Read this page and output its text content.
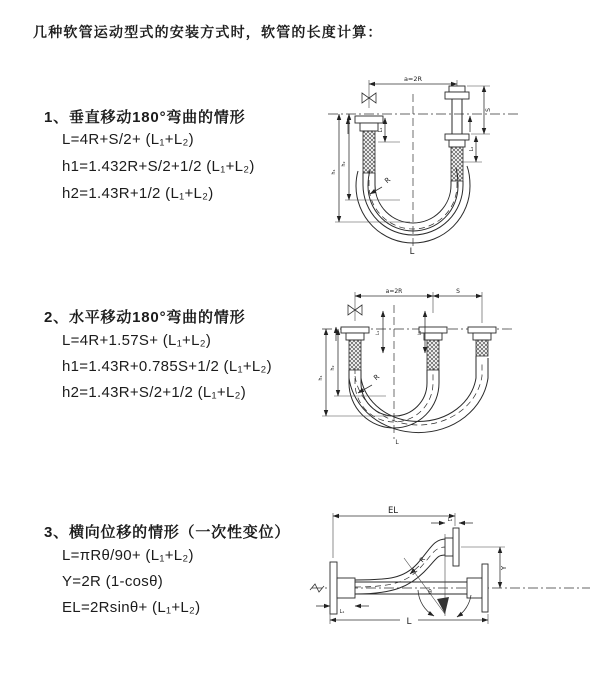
几种软管运动型式的安装方式时，软管的长度计算：
1、垂直移动180°弯曲的情形
L=4R+S/2+ (L₁+L₂)
h1=1.432R+S/2+1/2 (L₁+L₂)
h2=1.43R+1/2 (L₁+L₂)
a=2R
L₁
S
L₂
R
h₁
h₂
L
2、水平移动180°弯曲的情形
L=4R+1.57S+ (L₁+L₂)
h1=1.43R+0.785S+1/2 (L₁+L₂)
h2=1.43R+S/2+1/2 (L₁+L₂)
a=2R	S
L₁	L₂
R
h₁
h₂
L
3、横向位移的情形（一次性变位）
L=πRθ/90+ (L₁+L₂)
Y=2R (1-cosθ)
EL=2Rsinθ+ (L₁+L₂)
EL
L₂
Y
R
θ
L₁
L
